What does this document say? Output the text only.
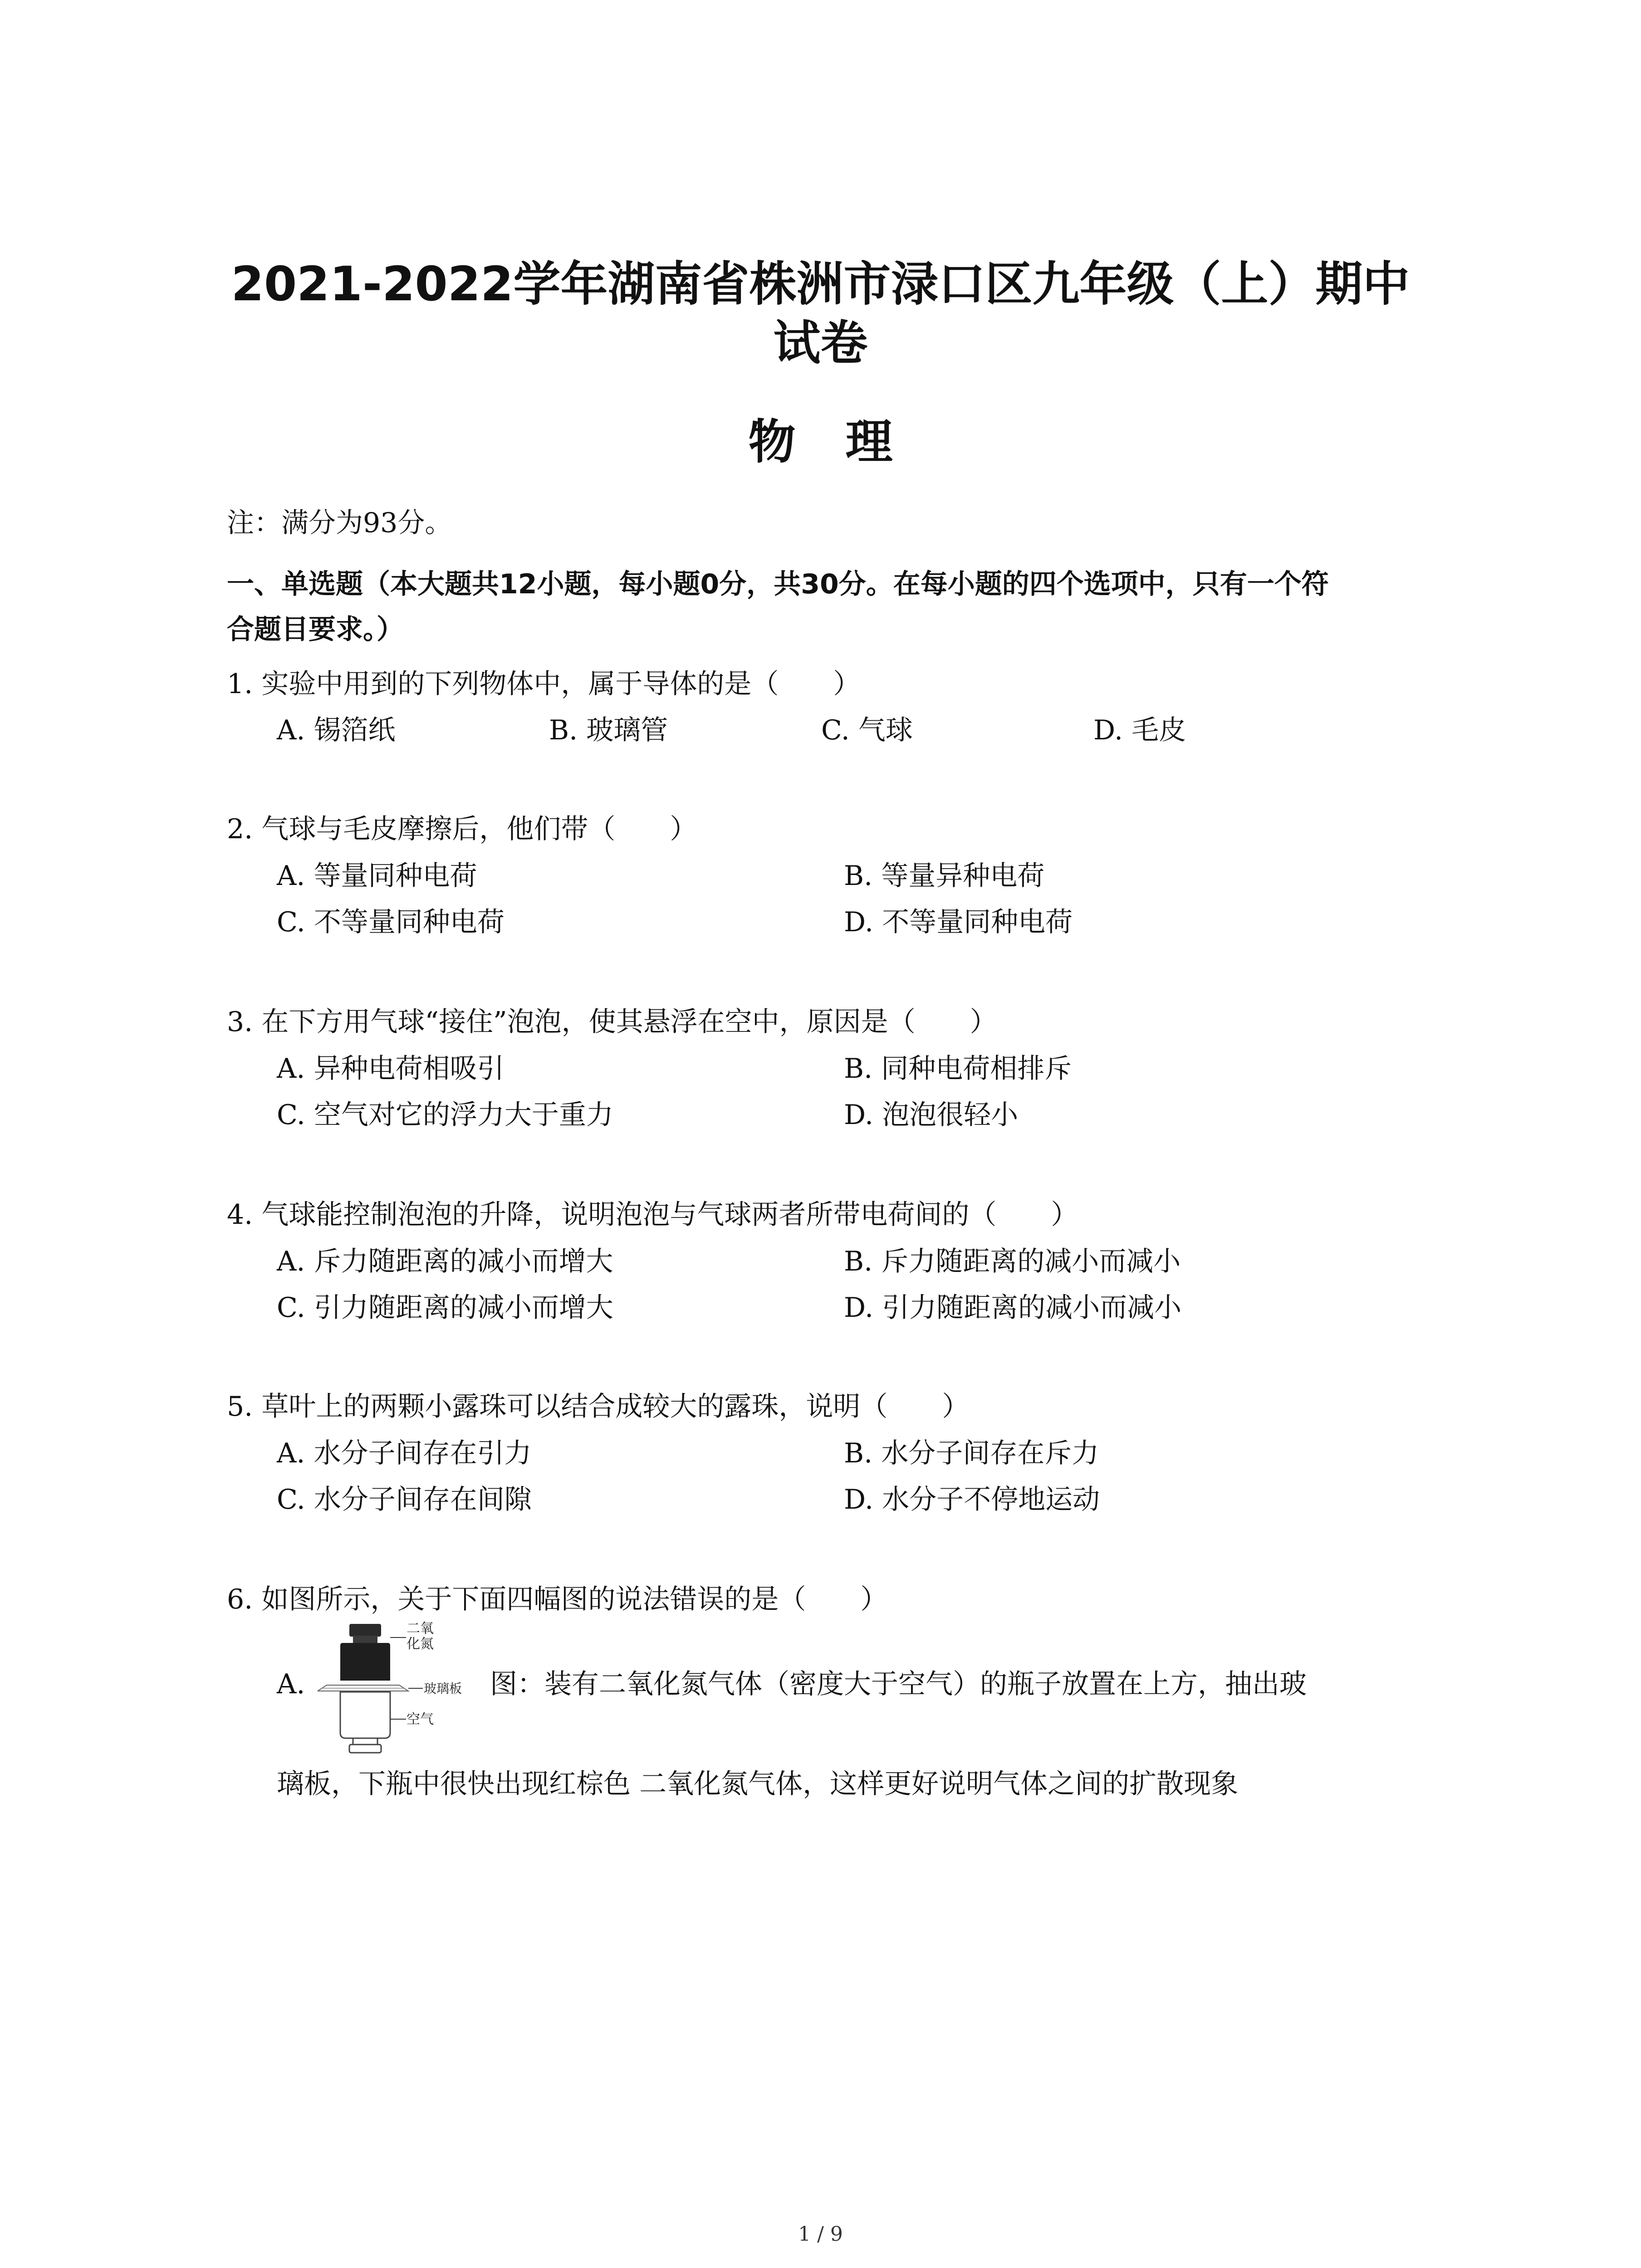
2021-2022学年湖南省株洲市渌口区九年级（上）期中
试卷
物理
注：满分为93分。
一、单选题（本大题共12小题，每小题0分，共30分。在每小题的四个选项中，只有一个符
合题目要求。）
1. 实验中用到的下列物体中，属于导体的是（　　）
A. 锡箔纸	B. 玻璃管	C. 气球	D. 毛皮
2. 气球与毛皮摩擦后，他们带（　　）
A. 等量同种电荷	B. 等量异种电荷
C. 不等量同种电荷	D. 不等量同种电荷
3. 在下方用气球“接住”泡泡，使其悬浮在空中，原因是（　　）
A. 异种电荷相吸引	B. 同种电荷相排斥
C. 空气对它的浮力大于重力	D. 泡泡很轻小
4. 气球能控制泡泡的升降，说明泡泡与气球两者所带电荷间的（　　）
A. 斥力随距离的减小而增大	B. 斥力随距离的减小而减小
C. 引力随距离的减小而增大	D. 引力随距离的减小而减小
5. 草叶上的两颗小露珠可以结合成较大的露珠，说明（　　）
A. 水分子间存在引力	B. 水分子间存在斥力
C. 水分子间存在间隙	D. 水分子不停地运动
6. 如图所示，关于下面四幅图的说法错误的是（　　）
A.
二氧
化氮
玻璃板
空气
图：装有二氧化氮气体（密度大于空气）的瓶子放置在上方，抽出玻
璃板，下瓶中很快出现红棕色 二氧化氮气体，这样更好说明气体之间的扩散现象
1 / 9
